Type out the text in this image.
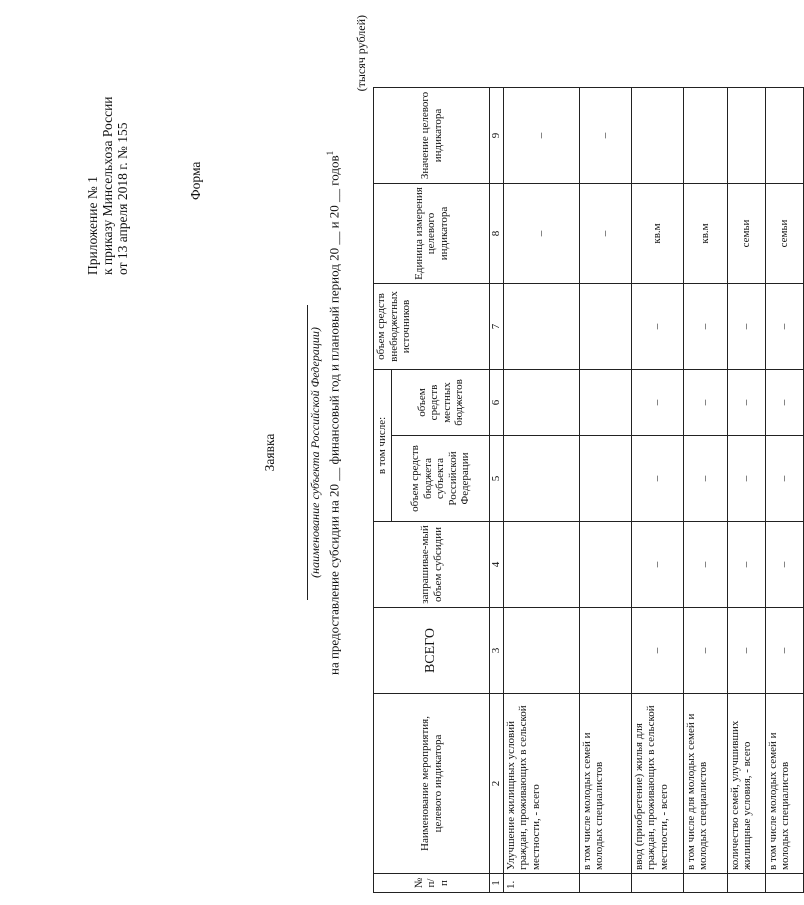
Приложение № 1 к приказу Минсельхоза России от 13 апреля 2018 г. № 155	Форма
Заявка	(наименование субъекта Российской Федерации) на предоставление субсидии на 20 __ финансовый год и плановый период 20 __ и 20 __ годов$^1$
(тысяч рублей)
№ п/п	Наименование мероприятия, целевого индикатора	ВСЕГО	запрашивае-мый объем субсидии	в том числе:		объем средств внебюджетных источников	Единица измерения целевого индикатора	Значение целевого индикатора
				объем средств бюджета субъекта Российской Федерации	объем средств местных бюджетов			
1	2	3	4	5	6	7	8	9
1.	Улучшение жилищных условий граждан, проживающих в сельской местности, - всего						–	–
	в том числе молодых семей и молодых специалистов						–	–
	ввод (приобретение) жилья для граждан, проживающих в сельской местности, - всего	–	–	–	–	–	кв.м	
	в том числе для молодых семей и молодых специалистов	–	–	–	–	–	кв.м	
	количество семей, улучшивших жилищные условия, - всего	–	–	–	–	–	семьи	
	в том числе молодых семей и молодых специалистов	–	–	–	–	–	семьи	
